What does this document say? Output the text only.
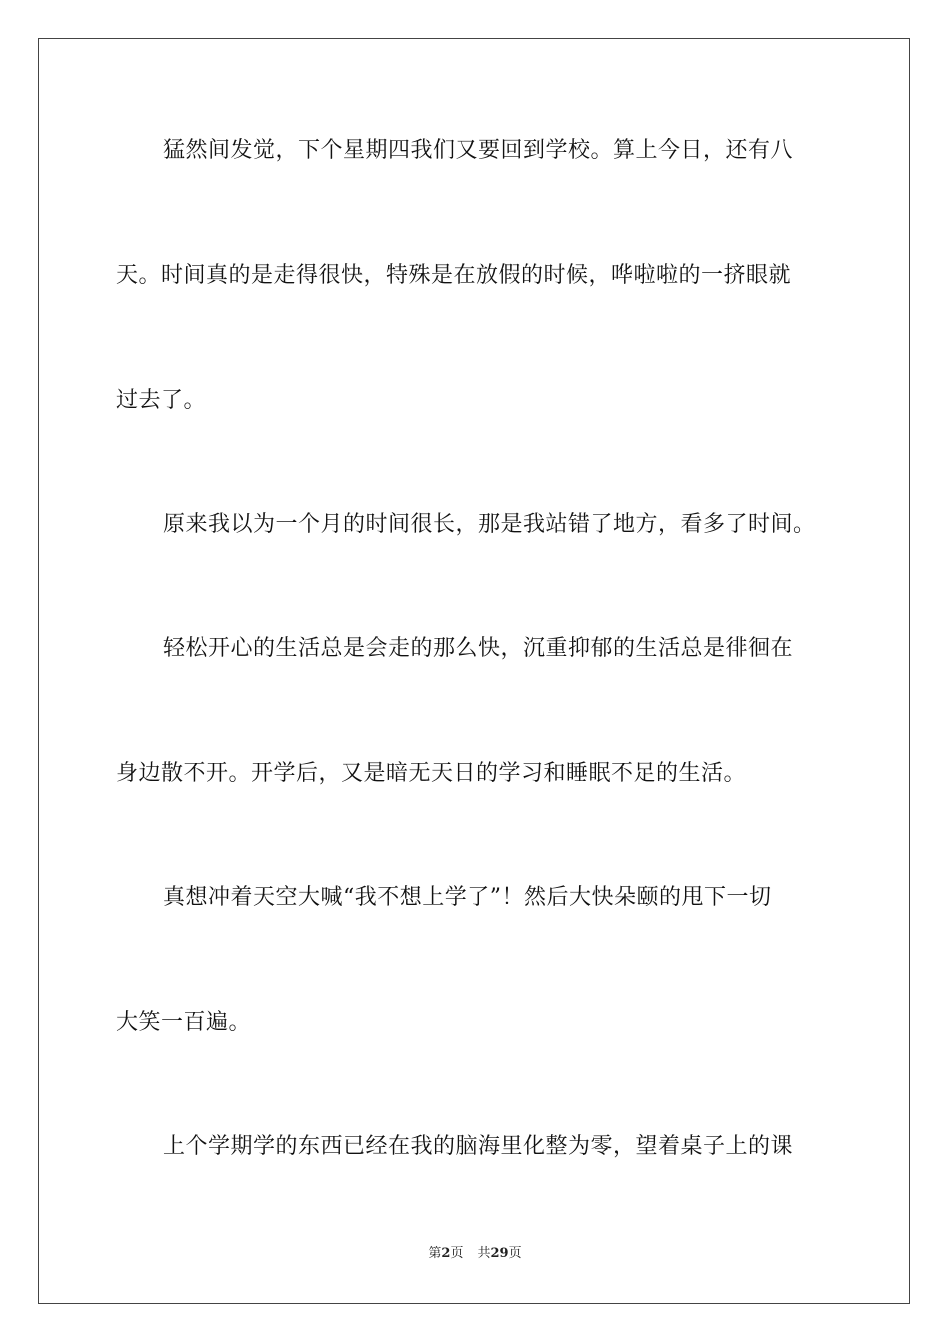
猛然间发觉，下个星期四我们又要回到学校。算上今日，还有八
天。时间真的是走得很快，特殊是在放假的时候，哗啦啦的一挤眼就
过去了。
原来我以为一个月的时间很长，那是我站错了地方，看多了时间。
轻松开心的生活总是会走的那么快，沉重抑郁的生活总是徘徊在
身边散不开。开学后，又是暗无天日的学习和睡眠不足的生活。
真想冲着天空大喊“我不想上学了”！然后大快朵颐的甩下一切
大笑一百遍。
上个学期学的东西已经在我的脑海里化整为零，望着桌子上的课
第2页 共29页
